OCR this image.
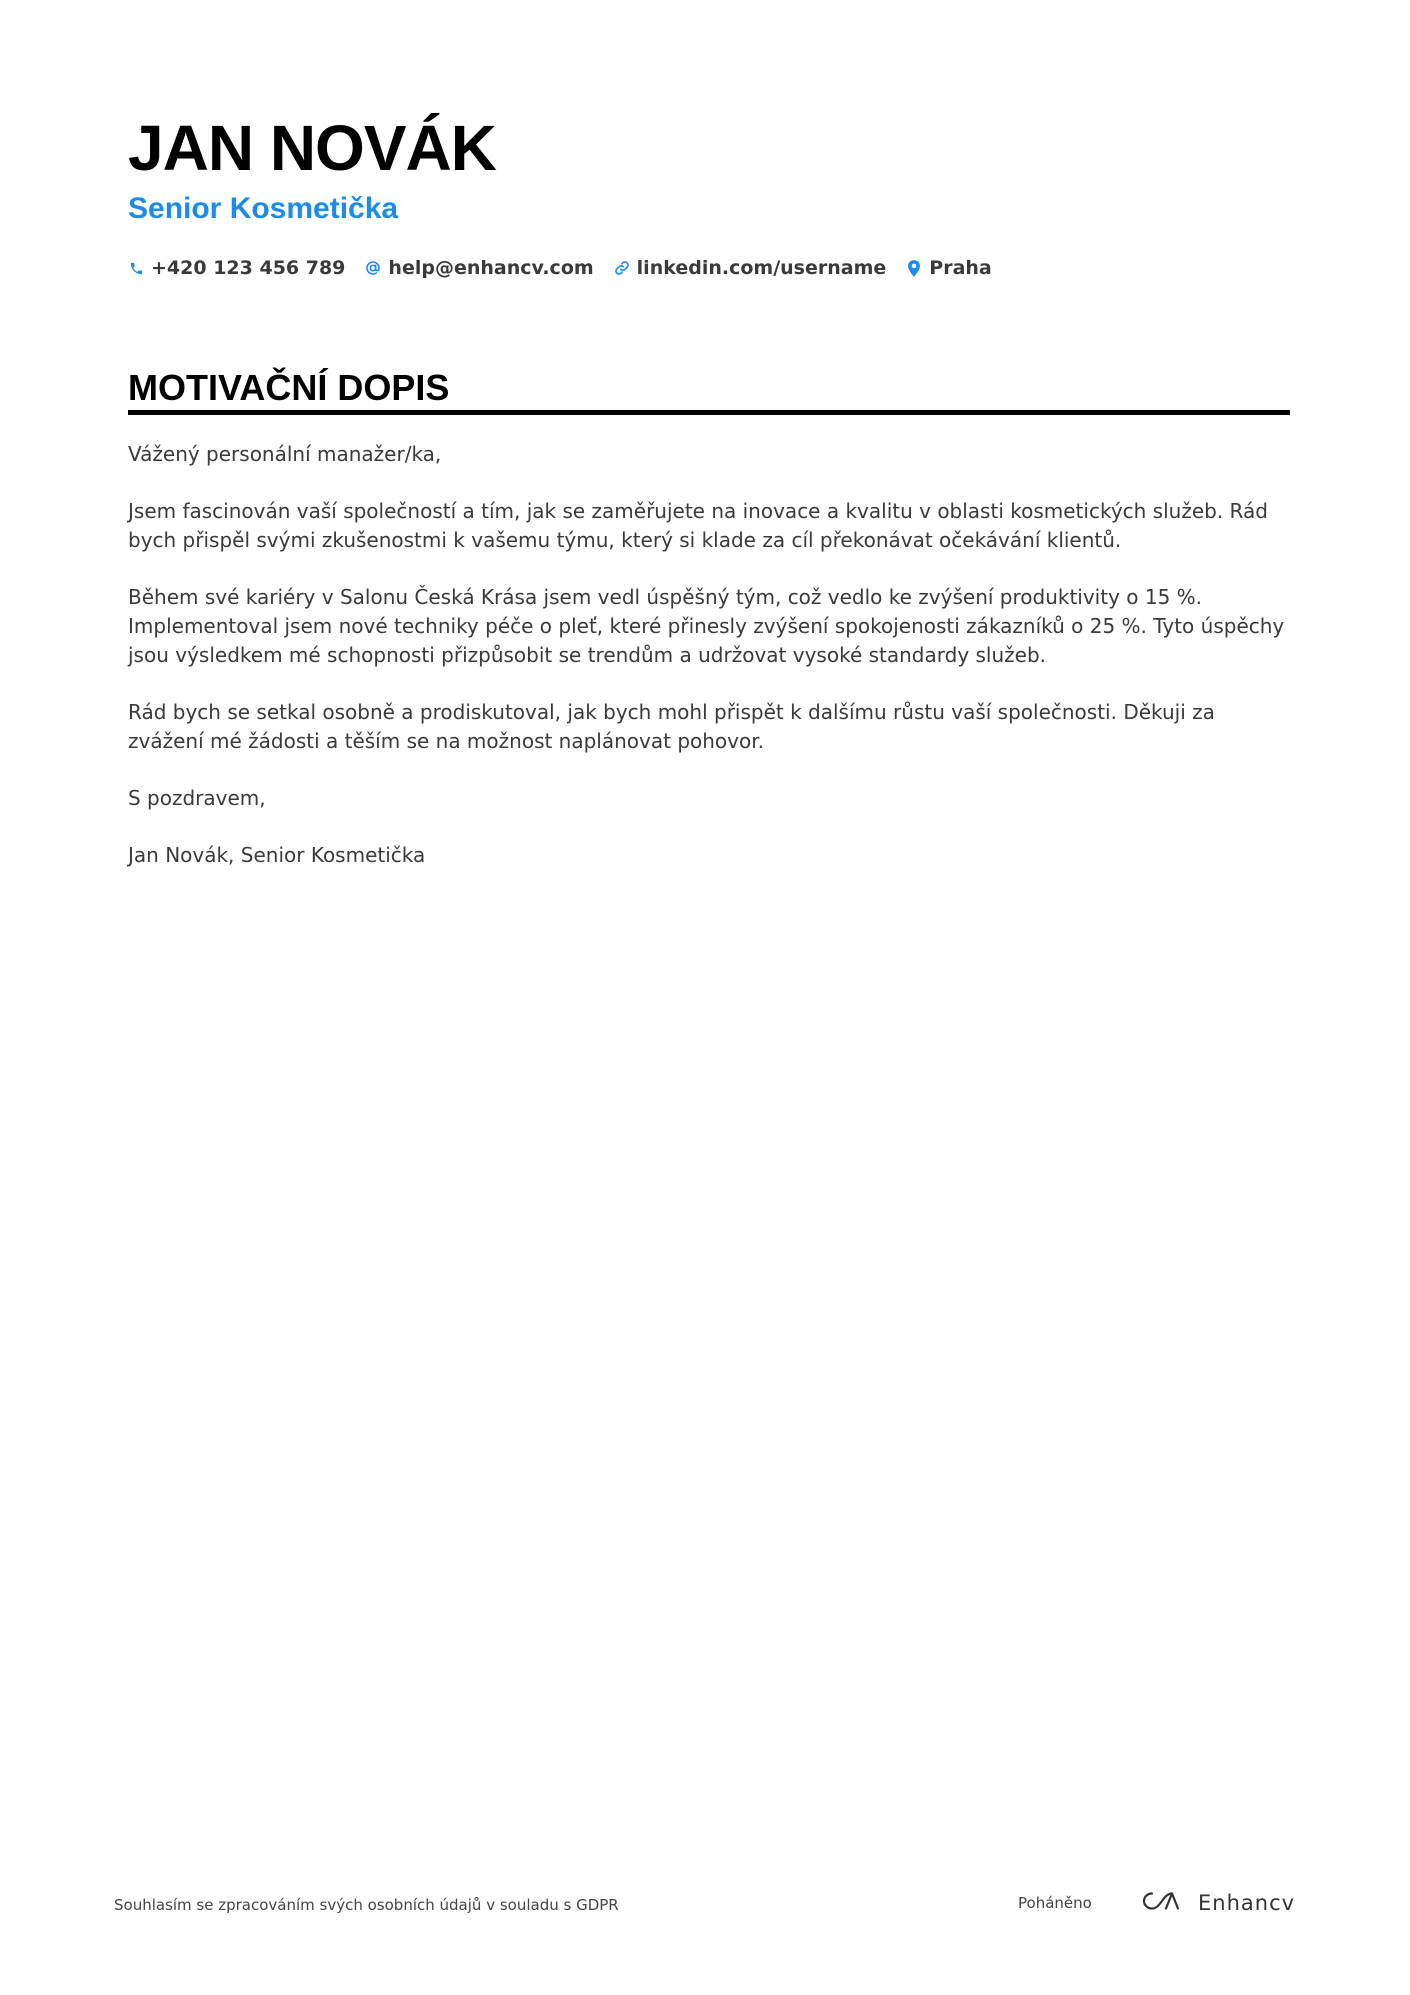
JAN NOVÁK
Senior Kosmetička
+420 123 456 789 help@enhancv.com linkedin.com/username Praha
MOTIVAČNÍ DOPIS

Vážený personální manažer/ka,

Jsem fascinován vaší společností a tím, jak se zaměřujete na inovace a kvalitu v oblasti kosmetických služeb. Rád bych přispěl svými zkušenostmi k vašemu týmu, který si klade za cíl překonávat očekávání klientů.

Během své kariéry v Salonu Česká Krása jsem vedl úspěšný tým, což vedlo ke zvýšení produktivity o 15 %. Implementoval jsem nové techniky péče o pleť, které přinesly zvýšení spokojenosti zákazníků o 25 %. Tyto úspěchy jsou výsledkem mé schopnosti přizpůsobit se trendům a udržovat vysoké standardy služeb.

Rád bych se setkal osobně a prodiskutoval, jak bych mohl přispět k dalšímu růstu vaší společnosti. Děkuji za zvážení mé žádosti a těším se na možnost naplánovat pohovor.

S pozdravem,

Jan Novák, Senior Kosmetička

Souhlasím se zpracováním svých osobních údajů v souladu s GDPR	Poháněno	Enhancv
